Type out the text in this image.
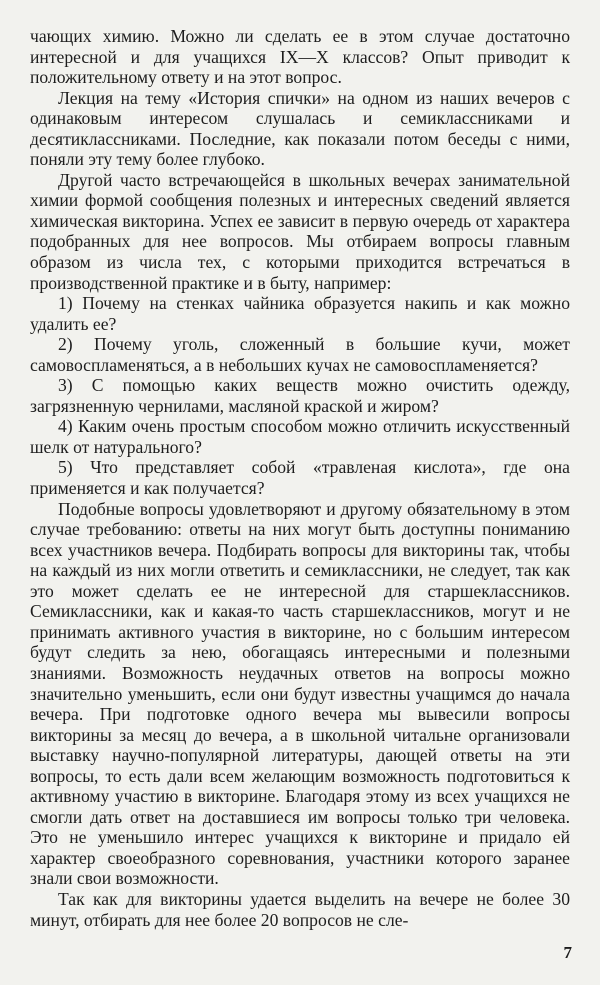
чающих химию. Можно ли сделать ее в этом случае достаточно интересной и для учащихся IX—X классов? Опыт приводит к положительному ответу и на этот вопрос.

Лекция на тему «История спички» на одном из наших вечеров с одинаковым интересом слушалась и семиклассниками и десятиклассниками. Последние, как показали потом беседы с ними, поняли эту тему более глубоко.

Другой часто встречающейся в школьных вечерах занимательной химии формой сообщения полезных и интересных сведений является химическая викторина. Успех ее зависит в первую очередь от характера подобранных для нее вопросов. Мы отбираем вопросы главным образом из числа тех, с которыми приходится встречаться в производственной практике и в быту, например:

1) Почему на стенках чайника образуется накипь и как можно удалить ее?

2) Почему уголь, сложенный в большие кучи, может самовоспламеняться, а в небольших кучах не самовоспламеняется?

3) С помощью каких веществ можно очистить одежду, загрязненную чернилами, масляной краской и жиром?

4) Каким очень простым способом можно отличить искусственный шелк от натурального?

5) Что представляет собой «травленая кислота», где она применяется и как получается?

Подобные вопросы удовлетворяют и другому обязательному в этом случае требованию: ответы на них могут быть доступны пониманию всех участников вечера. Подбирать вопросы для викторины так, чтобы на каждый из них могли ответить и семиклассники, не следует, так как это может сделать ее не интересной для старшеклассников. Семиклассники, как и какая-то часть старшеклассников, могут и не принимать активного участия в викторине, но с большим интересом будут следить за нею, обогащаясь интересными и полезными знаниями. Возможность неудачных ответов на вопросы можно значительно уменьшить, если они будут известны учащимся до начала вечера. При подготовке одного вечера мы вывесили вопросы викторины за месяц до вечера, а в школьной читальне организовали выставку научно-популярной литературы, дающей ответы на эти вопросы, то есть дали всем желающим возможность подготовиться к активному участию в викторине. Благодаря этому из всех учащихся не смогли дать ответ на доставшиеся им вопросы только три человека. Это не уменьшило интерес учащихся к викторине и придало ей характер своеобразного соревнования, участники которого заранее знали свои возможности.

Так как для викторины удается выделить на вечере не более 30 минут, отбирать для нее более 20 вопросов не сле-

7
